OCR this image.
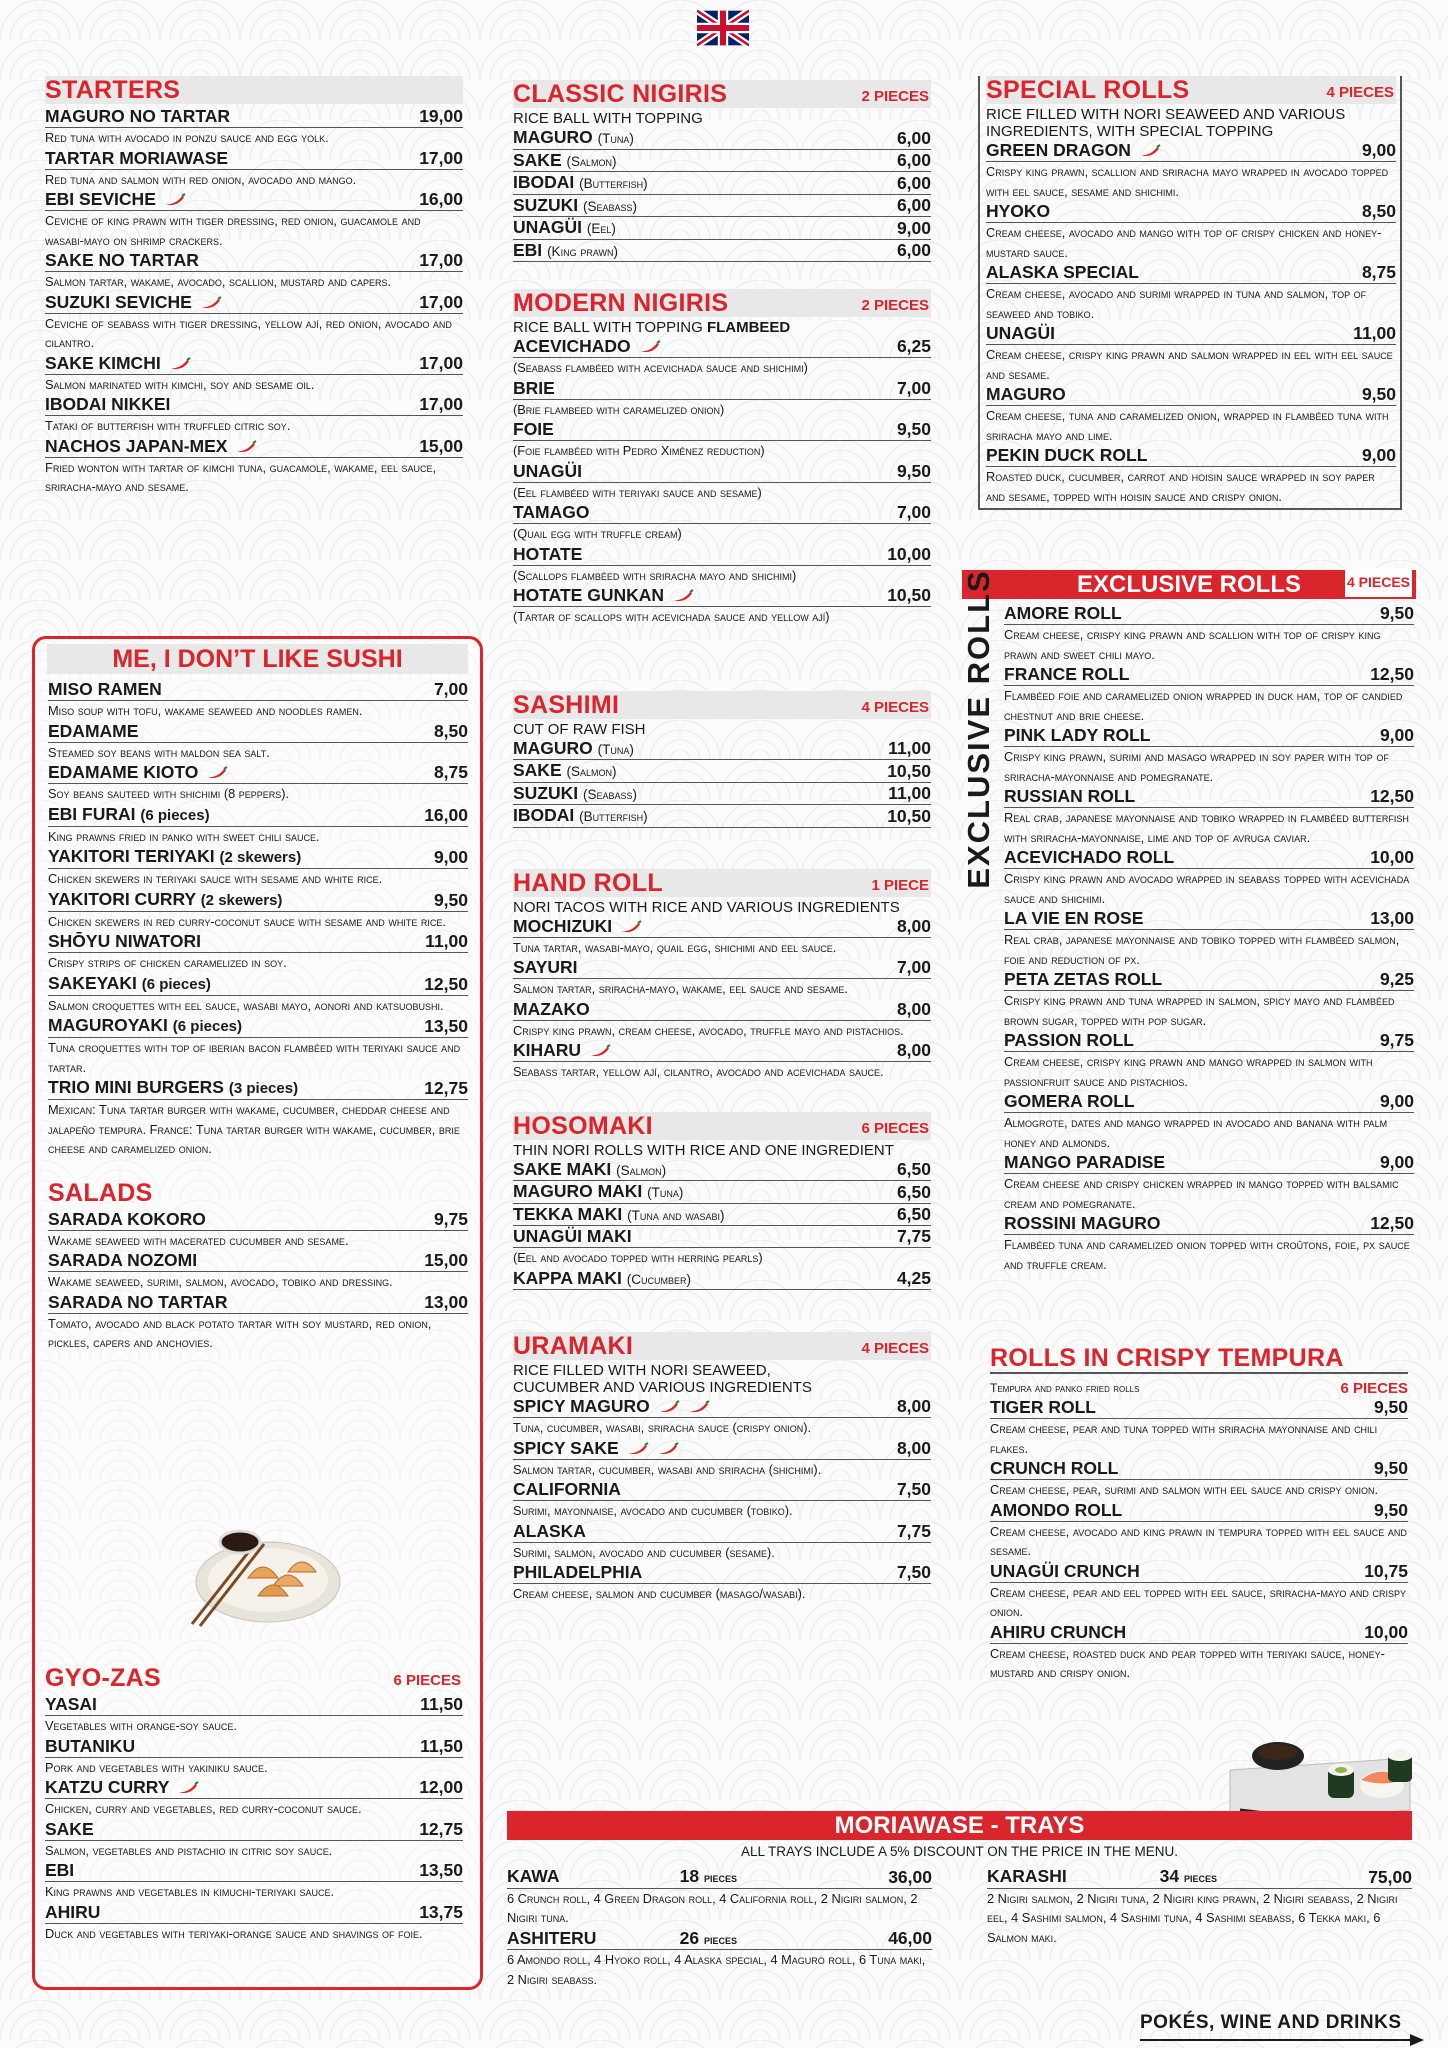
STARTERS
MAGURO NO TARTAR	19,00
Red tuna with avocado in ponzu sauce and egg yolk.
TARTAR MORIAWASE	17,00
Red tuna and salmon with red onion, avocado and mango.
EBI SEVICHE	16,00
Ceviche of king prawn with tiger dressing, red onion, guacamole and wasabi-mayo on shrimp crackers.
SAKE NO TARTAR	17,00
Salmon tartar, wakame, avocado, scallion, mustard and capers.
SUZUKI SEVICHE	17,00
Ceviche of seabass with tiger dressing, yellow ají, red onion, avocado and cilantro.
SAKE KIMCHI	17,00
Salmon marinated with kimchi, soy and sesame oil.
IBODAI NIKKEI	17,00
Tataki of butterfish with truffled citric soy.
NACHOS JAPAN-MEX	15,00
Fried wonton with tartar of kimchi tuna, guacamole, wakame, eel sauce, sriracha-mayo and sesame.
ME, I DON’T LIKE SUSHI
MISO RAMEN	7,00
Miso soup with tofu, wakame seaweed and noodles ramen.
EDAMAME	8,50
Steamed soy beans with maldon sea salt.
EDAMAME KIOTO	8,75
Soy beans sauteed with shichimi (8 peppers).
EBI FURAI (6 pieces)	16,00
King prawns fried in panko with sweet chili sauce.
YAKITORI TERIYAKI (2 skewers)	9,00
Chicken skewers in teriyaki sauce with sesame and white rice.
YAKITORI CURRY (2 skewers)	9,50
Chicken skewers in red curry-coconut sauce with sesame and white rice.
SHŌYU NIWATORI	11,00
Crispy strips of chicken caramelized in soy.
SAKEYAKI (6 pieces)	12,50
Salmon croquettes with eel sauce, wasabi mayo, aonori and katsuobushi.
MAGUROYAKI (6 pieces)	13,50
Tuna croquettes with top of iberian bacon flambéed with teriyaki sauce and tartar.
TRIO MINI BURGERS (3 pieces)	12,75
Mexican: Tuna tartar burger with wakame, cucumber, cheddar cheese and jalapeño tempura. France: Tuna tartar burger with wakame, cucumber, brie cheese and caramelized onion.
SALADS
SARADA KOKORO	9,75
Wakame seaweed with macerated cucumber and sesame.
SARADA NOZOMI	15,00
Wakame seaweed, surimi, salmon, avocado, tobiko and dressing.
SARADA NO TARTAR	13,00
Tomato, avocado and black potato tartar with soy mustard, red onion, pickles, capers and anchovies.
GYO-ZAS	6 PIECES
YASAI	11,50
Vegetables with orange-soy sauce.
BUTANIKU	11,50
Pork and vegetables with yakiniku sauce.
KATZU CURRY	12,00
Chicken, curry and vegetables, red curry-coconut sauce.
SAKE	12,75
Salmon, vegetables and pistachio in citric soy sauce.
EBI	13,50
King prawns and vegetables in kimuchi-teriyaki sauce.
AHIRU	13,75
Duck and vegetables with teriyaki-orange sauce and shavings of foie.
CLASSIC NIGIRIS	2 PIECES
RICE BALL WITH TOPPING
MAGURO (Tuna)	6,00
SAKE (Salmon)	6,00
IBODAI (Butterfish)	6,00
SUZUKI (Seabass)	6,00
UNAGÜI (Eel)	9,00
EBI (King prawn)	6,00
MODERN NIGIRIS	2 PIECES
RICE BALL WITH TOPPING FLAMBEED
ACEVICHADO	6,25
(Seabass flambéed with acevichada sauce and shichimi)
BRIE	7,00
(Brie flambeed with caramelized onion)
FOIE	9,50
(Foie flambéed with Pedro Ximénez reduction)
UNAGÜI	9,50
(Eel flambéed with teriyaki sauce and sesame)
TAMAGO	7,00
(Quail egg with truffle cream)
HOTATE	10,00
(Scallops flambéed with sriracha mayo and shichimi)
HOTATE GUNKAN	10,50
(Tartar of scallops with acevichada sauce and yellow ají)
SASHIMI	4 PIECES
CUT OF RAW FISH
MAGURO (Tuna)	11,00
SAKE (Salmon)	10,50
SUZUKI (Seabass)	11,00
IBODAI (Butterfish)	10,50
HAND ROLL	1 PIECE
NORI TACOS WITH RICE AND VARIOUS INGREDIENTS
MOCHIZUKI	8,00
Tuna tartar, wasabi-mayo, quail egg, shichimi and eel sauce.
SAYURI	7,00
Salmon tartar, sriracha-mayo, wakame, eel sauce and sesame.
MAZAKO	8,00
Crispy king prawn, cream cheese, avocado, truffle mayo and pistachios.
KIHARU	8,00
Seabass tartar, yellow ají, cilantro, avocado and acevichada sauce.
HOSOMAKI	6 PIECES
THIN NORI ROLLS WITH RICE AND ONE INGREDIENT
SAKE MAKI (Salmon)	6,50
MAGURO MAKI (Tuna)	6,50
TEKKA MAKI (Tuna and wasabi)	6,50
UNAGÜI MAKI	7,75
(Eel and avocado topped with herring pearls)
KAPPA MAKI (Cucumber)	4,25
URAMAKI	4 PIECES
RICE FILLED WITH NORI SEAWEED, CUCUMBER AND VARIOUS INGREDIENTS
SPICY MAGURO	8,00
Tuna, cucumber, wasabi, sriracha sauce (crispy onion).
SPICY SAKE	8,00
Salmon tartar, cucumber, wasabi and sriracha (shichimi).
CALIFORNIA	7,50
Surimi, mayonnaise, avocado and cucumber (tobiko).
ALASKA	7,75
Surimi, salmon, avocado and cucumber (sesame).
PHILADELPHIA	7,50
Cream cheese, salmon and cucumber (masago/wasabi).
SPECIAL ROLLS	4 PIECES
RICE FILLED WITH NORI SEAWEED AND VARIOUS INGREDIENTS, WITH SPECIAL TOPPING
GREEN DRAGON	9,00
Crispy king prawn, scallion and sriracha mayo wrapped in avocado topped with eel sauce, sesame and shichimi.
HYOKO	8,50
Cream cheese, avocado and mango with top of crispy chicken and honey-mustard sauce.
ALASKA SPECIAL	8,75
Cream cheese, avocado and surimi wrapped in tuna and salmon, top of seaweed and tobiko.
UNAGÜI	11,00
Cream cheese, crispy king prawn and salmon wrapped in eel with eel sauce and sesame.
MAGURO	9,50
Cream cheese, tuna and caramelized onion, wrapped in flambéed tuna with sriracha mayo and lime.
PEKIN DUCK ROLL	9,00
Roasted duck, cucumber, carrot and hoisin sauce wrapped in soy paper and sesame, topped with hoisin sauce and crispy onion.
EXCLUSIVE ROLLS	4 PIECES
AMORE ROLL	9,50
Cream cheese, crispy king prawn and scallion with top of crispy king prawn and sweet chili mayo.
FRANCE ROLL	12,50
Flambéed foie and caramelized onion wrapped in duck ham, top of candied chestnut and brie cheese.
PINK LADY ROLL	9,00
Crispy king prawn, surimi and masago wrapped in soy paper with top of sriracha-mayonnaise and pomegranate.
RUSSIAN ROLL	12,50
Real crab, japanese mayonnaise and tobiko wrapped in flambéed butterfish with sriracha-mayonnaise, lime and top of avruga caviar.
ACEVICHADO ROLL	10,00
Crispy king prawn and avocado wrapped in seabass topped with acevichada sauce and shichimi.
LA VIE EN ROSE	13,00
Real crab, japanese mayonnaise and tobiko topped with flambéed salmon, foie and reduction of px.
PETA ZETAS ROLL	9,25
Crispy king prawn and tuna wrapped in salmon, spicy mayo and flambéed brown sugar, topped with pop sugar.
PASSION ROLL	9,75
Cream cheese, crispy king prawn and mango wrapped in salmon with passionfruit sauce and pistachios.
GOMERA ROLL	9,00
Almogrote, dates and mango wrapped in avocado and banana with palm honey and almonds.
MANGO PARADISE	9,00
Cream cheese and crispy chicken wrapped in mango topped with balsamic cream and pomegranate.
ROSSINI MAGURO	12,50
Flambéed tuna and caramelized onion topped with croûtons, foie, px sauce and truffle cream.
EXCLUSIVE ROLLS
ROLLS IN CRISPY TEMPURA
Tempura and panko fried rolls	6 PIECES
TIGER ROLL	9,50
Cream cheese, pear and tuna topped with sriracha mayonnaise and chili flakes.
CRUNCH ROLL	9,50
Cream cheese, pear, surimi and salmon with eel sauce and crispy onion.
AMONDO ROLL	9,50
Cream cheese, avocado and king prawn in tempura topped with eel sauce and sesame.
UNAGÜI CRUNCH	10,75
Cream cheese, pear and eel topped with eel sauce, sriracha-mayo and crispy onion.
AHIRU CRUNCH	10,00
Cream cheese, roasted duck and pear topped with teriyaki sauce, honey-mustard and crispy onion.
MORIAWASE - TRAYS
ALL TRAYS INCLUDE A 5% DISCOUNT ON THE PRICE IN THE MENU.
KAWA	18 pieces	36,00
6 Crunch roll, 4 Green Dragon roll, 4 California roll, 2 Nigiri salmon, 2 Nigiri tuna.
ASHITERU	26 pieces	46,00
6 Amondo roll, 4 Hyoko roll, 4 Alaska special, 4 Maguro roll, 6 Tuna maki, 2 Nigiri seabass.
KARASHI	34 pieces	75,00
2 Nigiri salmon, 2 Nigiri tuna, 2 Nigiri king prawn, 2 Nigiri seabass, 2 Nigiri eel, 4 Sashimi salmon, 4 Sashimi tuna, 4 Sashimi seabass, 6 Tekka maki, 6 Salmon maki.
POKÉS, WINE AND DRINKS
